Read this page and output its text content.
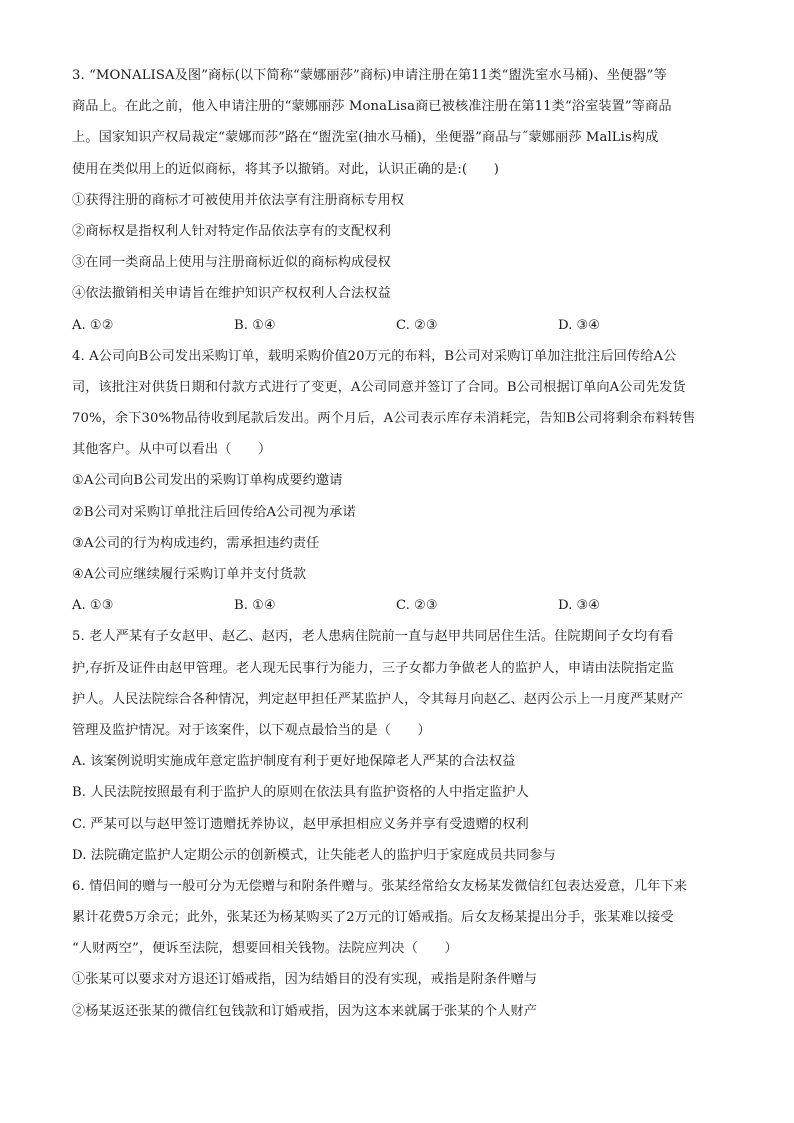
3. “MONALISA及图”商标(以下简称“蒙娜丽莎”商标)申请注册在第11类“盥洗室水马桶)、坐便器”等
商品上。在此之前，他入申请注册的“蒙娜丽莎 MonaLisa商已被核准注册在第11类“浴室装置”等商品
上。国家知识产权局裁定“蒙娜而莎”路在“盥洗室(抽水马桶)，坐便器”商品与˝蒙娜丽莎 MalLis构成
使用在类似用上的近似商标，将其予以撤销。对此，认识正确的是:(　　)
①获得注册的商标才可被使用并依法享有注册商标专用权
②商标权是指权利人针对特定作品依法享有的支配权利
③在同一类商品上使用与注册商标近似的商标构成侵权
④依法撤销相关申请旨在维护知识产权权利人合法权益
A. ①②	B. ①④	C. ②③	D. ③④
4. A公司向B公司发出采购订单，载明采购价值20万元的布料，B公司对采购订单加注批注后回传给A公
司，该批注对供货日期和付款方式进行了变更，A公司同意并签订了合同。B公司根据订单向A公司先发货
70%，余下30%物品待收到尾款后发出。两个月后，A公司表示库存未消耗完，告知B公司将剩余布料转售
其他客户。从中可以看出（　　）
①A公司向B公司发出的采购订单构成要约邀请
②B公司对采购订单批注后回传给A公司视为承诺
③A公司的行为构成违约，需承担违约责任
④A公司应继续履行采购订单并支付货款
A. ①③	B. ①④	C. ②③	D. ③④
5. 老人严某有子女赵甲、赵乙、赵丙，老人患病住院前一直与赵甲共同居住生活。住院期间子女均有看
护,存折及证件由赵甲管理。老人现无民事行为能力，三子女都力争做老人的监护人，申请由法院指定监
护人。人民法院综合各种情况，判定赵甲担任严某监护人，令其每月向赵乙、赵丙公示上一月度严某财产
管理及监护情况。对于该案件，以下观点最恰当的是（　　）
A. 该案例说明实施成年意定监护制度有利于更好地保障老人严某的合法权益
B. 人民法院按照最有利于监护人的原则在依法具有监护资格的人中指定监护人
C. 严某可以与赵甲签订遗赠抚养协议，赵甲承担相应义务并享有受遗赠的权利
D. 法院确定监护人定期公示的创新模式，让失能老人的监护归于家庭成员共同参与
6. 情侣间的赠与一般可分为无偿赠与和附条件赠与。张某经常给女友杨某发微信红包表达爱意，几年下来
累计花费5万余元；此外，张某还为杨某购买了2万元的订婚戒指。后女友杨某提出分手，张某难以接受
“人财两空”，便诉至法院，想要回相关钱物。法院应判决（　　）
①张某可以要求对方退还订婚戒指，因为结婚目的没有实现，戒指是附条件赠与
②杨某返还张某的微信红包钱款和订婚戒指，因为这本来就属于张某的个人财产
